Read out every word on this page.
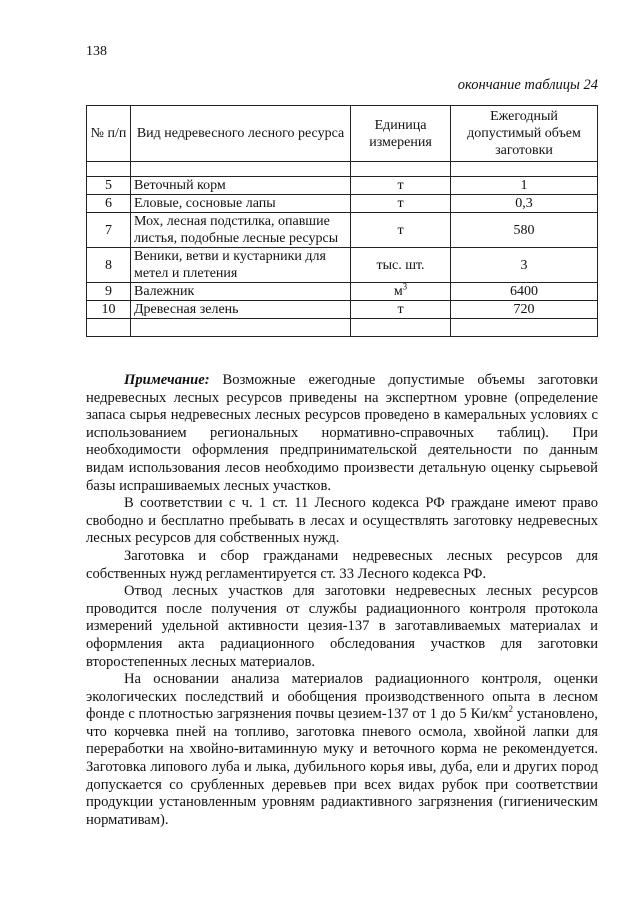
138
окончание таблицы 24
№ п/п	Вид недревесного лесного ресурса	Единица измерения	Ежегодный допустимый объем заготовки

5	Веточный корм	т	1
6	Еловые, сосновые лапы	т	0,3
7	Мох, лесная подстилка, опавшие листья, подобные лесные ресурсы	т	580
8	Веники, ветви и кустарники для метел и плетения	тыс. шт.	3
9	Валежник	$м^3$	6400
10	Древесная зелень	т	720

Примечание: Возможные ежегодные допустимые объемы заготовки недревесных лесных ресурсов приведены на экспертном уровне (определение запаса сырья недревесных лесных ресурсов проведено в камеральных условиях с использованием региональных нормативно-справочных таблиц). При необходимости оформления предпринимательской деятельности по данным видам использования лесов необходимо произвести детальную оценку сырьевой базы испрашиваемых лесных участков.

В соответствии с ч. 1 ст. 11 Лесного кодекса РФ граждане имеют право свободно и бесплатно пребывать в лесах и осуществлять заготовку недревесных лесных ресурсов для собственных нужд.

Заготовка и сбор гражданами недревесных лесных ресурсов для собственных нужд регламентируется ст. 33 Лесного кодекса РФ.

Отвод лесных участков для заготовки недревесных лесных ресурсов проводится после получения от службы радиационного контроля протокола измерений удельной активности цезия-137 в заготавливаемых материалах и оформления акта радиационного обследования участков для заготовки второстепенных лесных материалов.

На основании анализа материалов радиационного контроля, оценки экологических последствий и обобщения производственного опыта в лесном фонде с плотностью загрязнения почвы цезием-137 от 1 до 5 $Ки/км^2$ установлено, что корчевка пней на топливо, заготовка пневого осмола, хвойной лапки для переработки на хвойно-витаминную муку и веточного корма не рекомендуется. Заготовка липового луба и лыка, дубильного корья ивы, дуба, ели и других пород допускается со срубленных деревьев при всех видах рубок при соответствии продукции установленным уровням радиактивного загрязнения (гигиеническим нормативам).
